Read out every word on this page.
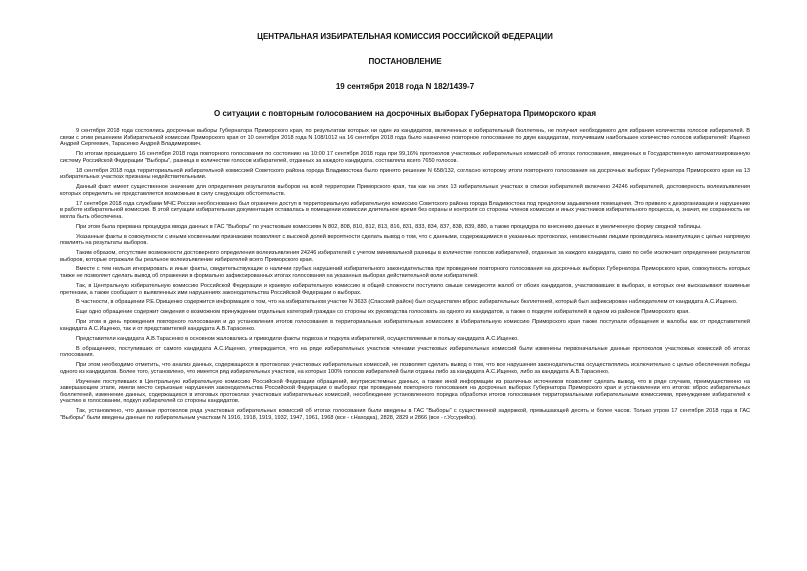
ЦЕНТРАЛЬНАЯ ИЗБИРАТЕЛЬНАЯ КОМИССИЯ РОССИЙСКОЙ ФЕДЕРАЦИИ
ПОСТАНОВЛЕНИЕ
19 сентября 2018 года N 182/1439-7
О ситуации с повторным голосованием на досрочных выборах Губернатора Приморского края

9 сентября 2018 года состоялись досрочные выборы Губернатора Приморского края, по результатам которых ни один из кандидатов, включенных в избирательный бюллетень, не получил необходимого для избрания количества голосов избирателей. В связи с этим решением Избирательной комиссии Приморского края от 10 сентября 2018 года N 108/1012 на 16 сентября 2018 года было назначено повторное голосование по двум кандидатам, получившим наибольшее количество голосов избирателей: Ищенко Андрей Сергеевич, Тарасенко Андрей Владимирович.

По итогам прошедшего 16 сентября 2018 года повторного голосования по состоянию на 10:00 17 сентября 2018 года при 99,16% протоколов участковых избирательных комиссий об итогах голосования, введенных в Государственную автоматизированную систему Российской Федерации "Выборы", разница в количестве голосов избирателей, отданных за каждого кандидата, составляла всего 7650 голосов.

18 сентября 2018 года территориальной избирательной комиссией Советского района города Владивостока было принято решение N 658/132, согласно которому итоги повторного голосования на досрочных выборах Губернатора Приморского края на 13 избирательных участках признаны недействительными.

Данный факт имеет существенное значение для определения результатов выборов на всей территории Приморского края, так как на этих 13 избирательных участках в списки избирателей включено 24246 избирателей, достоверность волеизъявления которых определить не представляется возможным в силу следующих обстоятельств.

17 сентября 2018 года службами МЧС России необоснованно был ограничен доступ в территориальную избирательную комиссию Советского района города Владивостока под предлогом задымления помещения. Это привело к дезорганизации и нарушению в работе избирательной комиссии. В этой ситуации избирательная документация оставалась в помещении комиссии длительное время без охраны и контроля со стороны членов комиссии и иных участников избирательного процесса, и, значит, ее сохранность не могла быть обеспечена.

При этом была прервана процедура ввода данных в ГАС "Выборы" по участковым комиссиям N 802, 808, 810, 812, 813, 816, 831, 833, 834, 837, 838, 839, 880, а также процедура по внесению данных в увеличенную форму сводной таблицы.

Указанные факты в совокупности с иными косвенными признаками позволяют с высокой долей вероятности сделать вывод о том, что с данными, содержащимися в указанных протоколах, неизвестными лицами проводились манипуляции с целью напрямую повлиять на результаты выборов.

Таким образом, отсутствие возможности достоверного определения волеизъявления 24246 избирателей с учетом минимальной разницы в количестве голосов избирателей, отданных за каждого кандидата, само по себе исключает определение результатов выборов, которые отражали бы реальное волеизъявление избирателей всего Приморского края.

Вместе с тем нельзя игнорировать и иные факты, свидетельствующие о наличии грубых нарушений избирательного законодательства при проведении повторного голосования на досрочных выборах Губернатора Приморского края, совокупность которых также не позволяет сделать вывод об отражении в формально зафиксированных итогах голосования на указанных выборах действительной воли избирателей.

Так, в Центральную избирательную комиссию Российской Федерации и краевую избирательную комиссию в общей сложности поступило свыше семидесяти жалоб от обоих кандидатов, участвовавших в выборах, в которых они высказывают взаимные претензии, а также сообщают о выявленных ими нарушениях законодательства Российской Федерации о выборах.

В частности, в обращении Р.Е.Орищенко содержится информация о том, что на избирательном участке N 3633 (Спасский район) был осуществлен вброс избирательных бюллетеней, который был зафиксирован наблюдателем от кандидата А.С.Ищенко.

Еще одно обращение содержит сведения о возможном принуждении отдельных категорий граждан со стороны их руководства голосовать за одного из кандидатов, а также о подкупе избирателей в одном из районов Приморского края.

При этом в день проведения повторного голосования и до установления итогов голосования в территориальных избирательных комиссиях в Избирательную комиссию Приморского края также поступали обращения и жалобы как от представителей кандидата А.С.Ищенко, так и от представителей кандидата А.В.Тарасенко.

Представители кандидата А.В.Тарасенко в основном жаловались и приводили факты подвоза и подкупа избирателей, осуществляемые в пользу кандидата А.С.Ищенко.

В обращениях, поступивших от самого кандидата А.С.Ищенко, утверждается, что на ряде избирательных участков членами участковых избирательных комиссий были изменены первоначальные данные протоколов участковых комиссий об итогах голосования.

При этом необходимо отметить, что анализ данных, содержащихся в протоколах участковых избирательных комиссий, не позволяет сделать вывод о том, что все нарушения законодательства осуществлялись исключительно с целью обеспечения победы одного из кандидатов. Более того, установлено, что имеется ряд избирательных участков, на которых 100% голосов избирателей были отданы либо за кандидата А.С.Ищенко, либо за кандидата А.В.Тарасенко.

Изучение поступивших в Центральную избирательную комиссию Российской Федерации обращений, внутрисистемных данных, а также иной информации из различных источников позволяет сделать вывод, что в ряде случаев, преимущественно на завершающем этапе, имели место серьезные нарушения законодательства Российской Федерации о выборах при проведении повторного голосования на досрочных выборах Губернатора Приморского края и установлении его итогов: вброс избирательных бюллетеней, изменение данных, содержащихся в итоговых протоколах участковых избирательных комиссий, несоблюдение установленного порядка обработки итогов голосования территориальными избирательными комиссиями, принуждение избирателей к участию в голосовании, подкуп избирателей со стороны кандидатов.

Так, установлено, что данные протоколов ряда участковых избирательных комиссий об итогах голосования были введены в ГАС "Выборы" с существенной задержкой, превышающей десять и более часов. Только утром 17 сентября 2018 года в ГАС "Выборы" были введены данные по избирательным участкам N 1916, 1918, 1919, 1932, 1947, 1961, 1968 (все - г.Находка), 2828, 2829 и 2866 (все - г.Уссурийск).
